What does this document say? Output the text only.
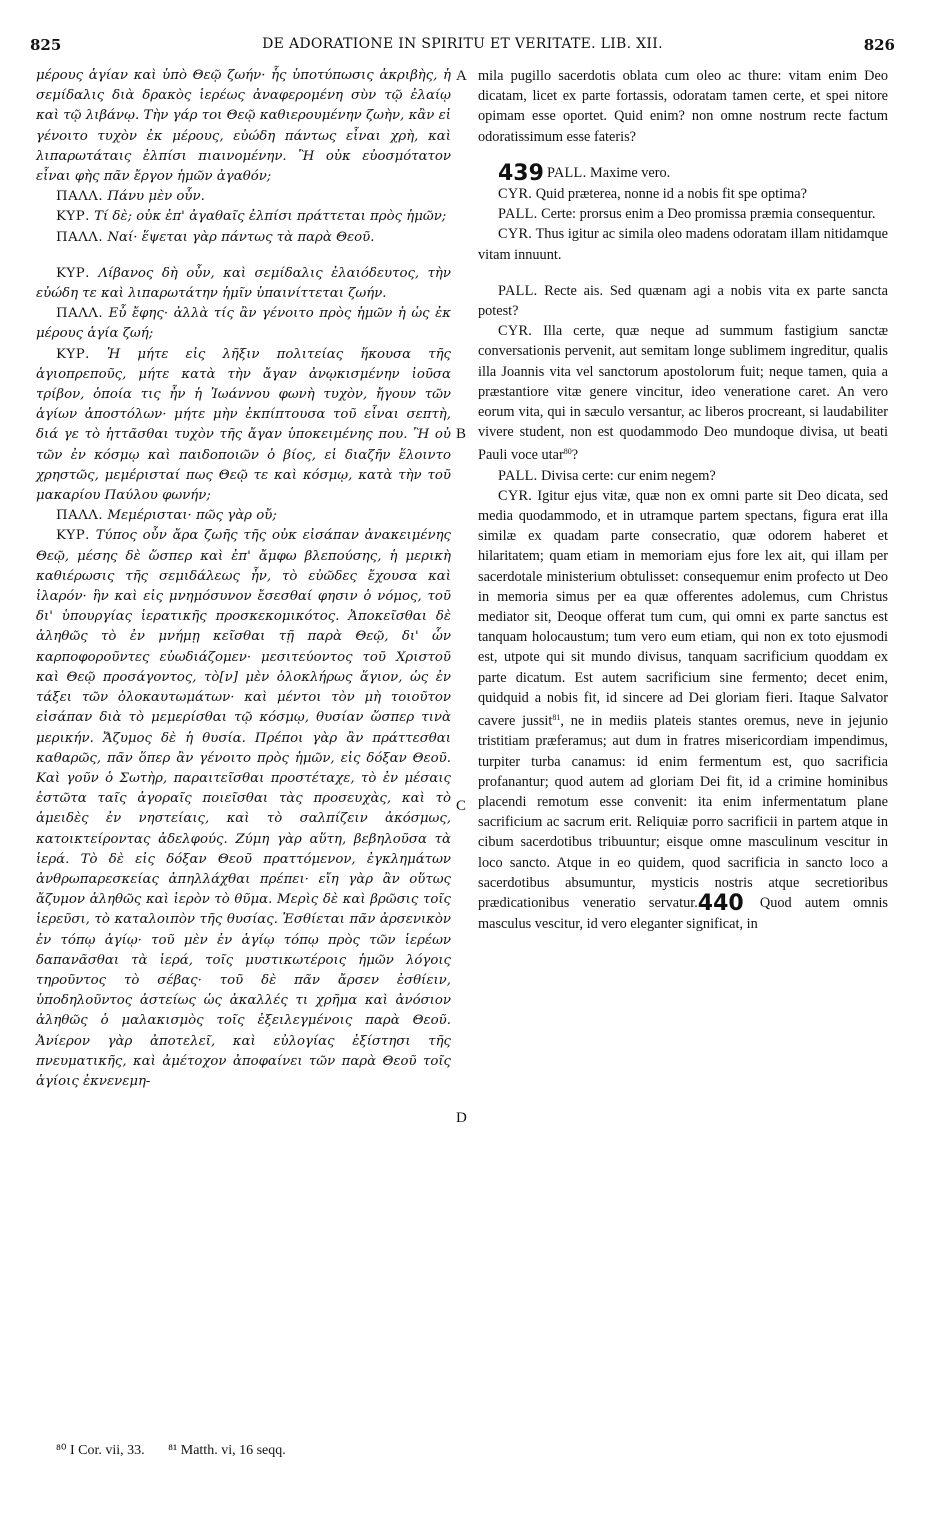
825	DE ADORATIONE IN SPIRITU ET VERITATE. LIB. XII.	826

μέρους ἁγίαν καὶ ὑπὸ Θεῷ ζωήν· ἧς ὑποτύπωσις ἀκριβὴς, ἡ σεμίδαλις διὰ δρακὸς ἱερέως ἀναφερομένη σὺν τῷ ἐλαίῳ καὶ τῷ λιβάνῳ. Τὴν γάρ τοι Θεῷ καθιερουμένην ζωὴν, κἂν εἰ γένοιτο τυχὸν ἐκ μέρους, εὐώδη πάντως εἶναι χρὴ, καὶ λιπαρωτάταις ἐλπίσι πιαινομένην. Ἢ οὐκ εὐοσμότατον εἶναι φὴς πᾶν ἔργον ἡμῶν ἀγαθόν;

ΠΑΛΛ. Πάνυ μὲν οὖν.

ΚΥΡ. Τί δὲ; οὐκ ἐπ' ἀγαθαῖς ἐλπίσι πράττεται πρὸς ἡμῶν;

ΠΑΛΛ. Ναί· ἕψεται γὰρ πάντως τὰ παρὰ Θεοῦ.

ΚΥΡ. Λίβανος δὴ οὖν, καὶ σεμίδαλις ἐλαιόδευτος, τὴν εὐώδη τε καὶ λιπαρωτάτην ἡμῖν ὑπαινίττεται ζωήν.

ΠΑΛΛ. Εὖ ἔφης· ἀλλὰ τίς ἂν γένοιτο πρὸς ἡμῶν ἡ ὡς ἐκ μέρους ἁγία ζωή;

ΚΥΡ. Ἡ μήτε εἰς λῆξιν πολιτείας ἥκουσα τῆς ἁγιοπρεποῦς, μήτε κατὰ τὴν ἄγαν ἀνῳκισμένην ἰοῦσα τρίβον, ὁποία τις ἦν ἡ Ἰωάννου φωνὴ τυχὸν, ἤγουν τῶν ἁγίων ἀποστόλων· μήτε μὴν ἐκπίπτουσα τοῦ εἶναι σεπτὴ, διά γε τὸ ἡττᾶσθαι τυχὸν τῆς ἄγαν ὑποκειμένης που. Ἢ οὐ τῶν ἐν κόσμῳ καὶ παιδοποιῶν ὁ βίος, εἰ διαζῆν ἕλοιντο χρηστῶς, μεμέρισταί πως Θεῷ τε καὶ κόσμῳ, κατὰ τὴν τοῦ μακαρίου Παύλου φωνήν;

ΠΑΛΛ. Μεμέρισται· πῶς γὰρ οὔ;

ΚΥΡ. Τύπος οὖν ἄρα ζωῆς τῆς οὐκ εἰσάπαν ἀνακειμένης Θεῷ, μέσης δὲ ὥσπερ καὶ ἐπ' ἄμφω βλεπούσης, ἡ μερικὴ καθιέρωσις τῆς σεμιδάλεως ἦν, τὸ εὐῶδες ἔχουσα καὶ ἱλαρόν· ἣν καὶ εἰς μνημόσυνον ἔσεσθαί φησιν ὁ νόμος, τοῦ δι' ὑπουργίας ἱερατικῆς προσκεκομικότος. Ἀποκεῖσθαι δὲ ἀληθῶς τὸ ἐν μνήμῃ κεῖσθαι τῇ παρὰ Θεῷ, δι' ὧν καρποφοροῦντες εὐωδιάζομεν· μεσιτεύοντος τοῦ Χριστοῦ καὶ Θεῷ προσάγοντος, τὸ[ν] μὲν ὁλοκλήρως ἅγιον, ὡς ἐν τάξει τῶν ὁλοκαυτωμάτων· καὶ μέντοι τὸν μὴ τοιοῦτον εἰσάπαν διὰ τὸ μεμερίσθαι τῷ κόσμῳ, θυσίαν ὥσπερ τινὰ μερικήν. Ἄζυμος δὲ ἡ θυσία. Πρέποι γὰρ ἂν πράττεσθαι καθαρῶς, πᾶν ὅπερ ἂν γένοιτο πρὸς ἡμῶν, εἰς δόξαν Θεοῦ. Καὶ γοῦν ὁ Σωτὴρ, παραιτεῖσθαι προστέταχε, τὸ ἐν μέσαις ἑστῶτα ταῖς ἀγοραῖς ποιεῖσθαι τὰς προσευχὰς, καὶ τὸ ἀμειδὲς ἐν νηστείαις, καὶ τὸ σαλπίζειν ἀκόσμως, κατοικτείροντας ἀδελφούς. Ζύμη γὰρ αὕτη, βεβηλοῦσα τὰ ἱερά. Τὸ δὲ εἰς δόξαν Θεοῦ πραττόμενον, ἐγκλημάτων ἀνθρωπαρεσκείας ἀπηλλάχθαι πρέπει· εἴη γὰρ ἂν οὕτως ἄζυμον ἀληθῶς καὶ ἱερὸν τὸ θῦμα. Μερὶς δὲ καὶ βρῶσις τοῖς ἱερεῦσι, τὸ καταλοιπὸν τῆς θυσίας. Ἐσθίεται πᾶν ἀρσενικὸν ἐν τόπῳ ἁγίῳ· τοῦ μὲν ἐν ἁγίῳ τόπῳ πρὸς τῶν ἱερέων δαπανᾶσθαι τὰ ἱερά, τοῖς μυστικωτέροις ἡμῶν λόγοις τηροῦντος τὸ σέβας· τοῦ δὲ πᾶν ἄρσεν ἐσθίειν, ὑποδηλοῦντος ἀστείως ὡς ἀκαλλές τι χρῆμα καὶ ἀνόσιον ἀληθῶς ὁ μαλακισμὸς τοῖς ἐξειλεγμένοις παρὰ Θεοῦ. Ἀνίερον γὰρ ἀποτελεῖ, καὶ εὐλογίας ἐξίστησι τῆς πνευματικῆς, καὶ ἀμέτοχον ἀποφαίνει τῶν παρὰ Θεοῦ τοῖς ἁγίοις ἐκνενεμη-

mila pugillo sacerdotis oblata cum oleo ac thure: vitam enim Deo dicatam, licet ex parte fortassis, odoratam tamen certe, et spei nitore opimam esse oportet. Quid enim? non omne nostrum recte factum odoratissimum esse fateris?

439 PALL. Maxime vero.

CYR. Quid præterea, nonne id a nobis fit spe optima?

PALL. Certe: prorsus enim a Deo promissa præmia consequentur.

CYR. Thus igitur ac simila oleo madens odoratam illam nitidamque vitam innuunt.

PALL. Recte ais. Sed quænam agi a nobis vita ex parte sancta potest?

CYR. Illa certe, quæ neque ad summum fastigium sanctæ conversationis pervenit, aut semitam longe sublimem ingreditur, qualis illa Joannis vita vel sanctorum apostolorum fuit; neque tamen, quia a præstantiore vitæ genere vincitur, ideo veneratione caret. An vero eorum vita, qui in sæculo versantur, ac liberos procreant, si laudabiliter vivere student, non est quodammodo Deo mundoque divisa, ut beati Pauli voce utar$^{80}$?

PALL. Divisa certe: cur enim negem?

CYR. Igitur ejus vitæ, quæ non ex omni parte sit Deo dicata, sed media quodammodo, et in utramque partem spectans, figura erat illa similæ ex quadam parte consecratio, quæ odorem haberet et hilaritatem; quam etiam in memoriam ejus fore lex ait, qui illam per sacerdotale ministerium obtulisset: consequemur enim profecto ut Deo in memoria simus per ea quæ offerentes adolemus, cum Christus mediator sit, Deoque offerat tum cum, qui omni ex parte sanctus est tanquam holocaustum; tum vero eum etiam, qui non ex toto ejusmodi est, utpote qui sit mundo divisus, tanquam sacrificium quoddam ex parte dicatum. Est autem sacrificium sine fermento; decet enim, quidquid a nobis fit, id sincere ad Dei gloriam fieri. Itaque Salvator cavere jussit$^{81}$, ne in mediis plateis stantes oremus, neve in jejunio tristitiam præferamus; aut dum in fratres misericordiam impendimus, turpiter turba canamus: id enim fermentum est, quo sacrificia profanantur; quod autem ad gloriam Dei fit, id a crimine hominibus placendi remotum esse convenit: ita enim infermentatum plane sacrificium ac sacrum erit. Reliquiæ porro sacrificii in partem atque in cibum sacerdotibus tribuuntur; eisque omne masculinum vescitur in loco sancto. Atque in eo quidem, quod sacrificia in sancto loco a sacerdotibus absumuntur, mysticis nostris atque secretioribus prædicationibus veneratio servatur.440 Quod autem omnis masculus vescitur, id vero eleganter significat, in

A
B
C
D
⁸⁰ I Cor. vii, 33. ⁸¹ Matth. vi, 16 seqq.
